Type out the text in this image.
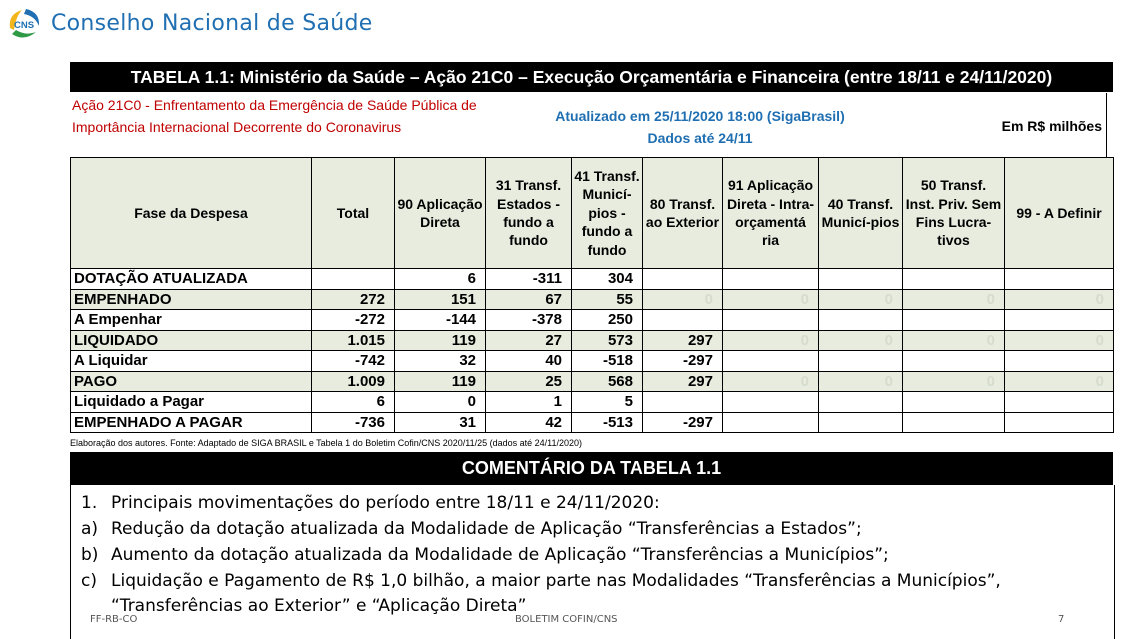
CNS Conselho Nacional de Saúde
TABELA 1.1: Ministério da Saúde – Ação 21C0 – Execução Orçamentária e Financeira (entre 18/11 e 24/11/2020)
Ação 21C0 - Enfrentamento da Emergência de Saúde Pública de Importância Internacional Decorrente do Coronavirus
Atualizado em 25/11/2020 18:00 (SigaBrasil)
Dados até 24/11
Em R$ milhões
Fase da Despesa	Total	90 Aplicação Direta	31 Transf. Estados - fundo a fundo	41 Transf. Municí-pios - fundo a fundo	80 Transf. ao Exterior	91 Aplicação Direta - Intra-orçamentá ria	40 Transf. Municí-pios	50 Transf. Inst. Priv. Sem Fins Lucra-tivos	99 - A Definir
DOTAÇÃO ATUALIZADA		6	-311	304					
EMPENHADO	272	151	67	55	0	0	0	0	0
A Empenhar	-272	-144	-378	250					
LIQUIDADO	1.015	119	27	573	297	0	0	0	0
A Liquidar	-742	32	40	-518	-297				
PAGO	1.009	119	25	568	297	0	0	0	0
Liquidado a Pagar	6	0	1	5					
EMPENHADO A PAGAR	-736	31	42	-513	-297				
Elaboração dos autores. Fonte: Adaptado de SIGA BRASIL e Tabela 1 do Boletim Cofin/CNS 2020/11/25 (dados até 24/11/2020)
COMENTÁRIO DA TABELA 1.1
1. Principais movimentações do período entre 18/11 e 24/11/2020:
a) Redução da dotação atualizada da Modalidade de Aplicação “Transferências a Estados”;
b) Aumento da dotação atualizada da Modalidade de Aplicação “Transferências a Municípios”;
c) Liquidação e Pagamento de R$ 1,0 bilhão, a maior parte nas Modalidades “Transferências a Municípios”,
“Transferências ao Exterior” e “Aplicação Direta”
FF-RB-CO	BOLETIM COFIN/CNS	7
